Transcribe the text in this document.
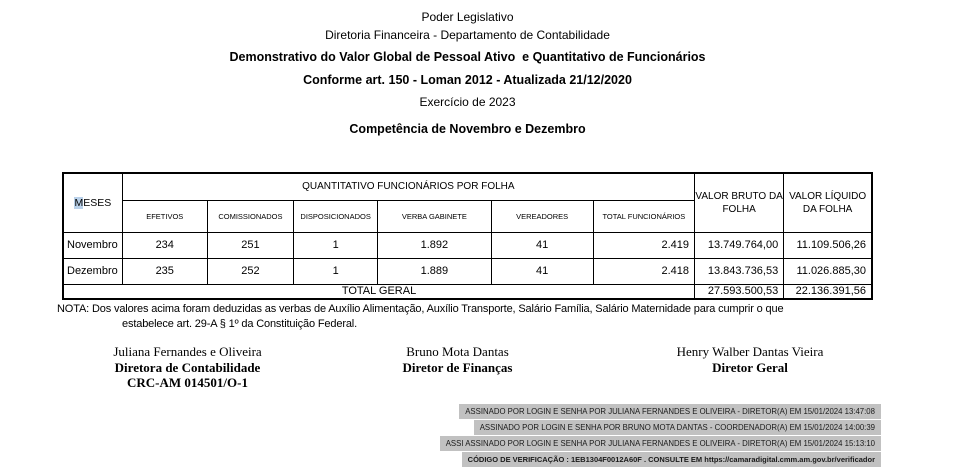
Poder Legislativo
Diretoria Financeira - Departamento de Contabilidade
Demonstrativo do Valor Global de Pessoal Ativo  e Quantitativo de Funcionários
Conforme art. 150 - Loman 2012 - Atualizada 21/12/2020
Exercício de 2023
Competência de Novembro e Dezembro
MESES	QUANTITATIVO FUNCIONÁRIOS POR FOLHA						VALOR BRUTO DA FOLHA	VALOR LÍQUIDO DA FOLHA
	EFETIVOS	COMISSIONADOS	DISPOSICIONADOS	VERBA GABINETE	VEREADORES	TOTAL FUNCIONÁRIOS		
Novembro	234	251	1	1.892	41	2.419	13.749.764,00	11.109.506,26
Dezembro	235	252	1	1.889	41	2.418	13.843.736,53	11.026.885,30
TOTAL GERAL							27.593.500,53	22.136.391,56
NOTA: Dos valores acima foram deduzidas as verbas de Auxílio Alimentação, Auxílio Transporte, Salário Família, Salário Maternidade para cumprir o que
estabelece art. 29-A § 1º da Constituição Federal.
Juliana Fernandes e Oliveira
Diretora de Contabilidade
CRC-AM 014501/O-1
Bruno Mota Dantas
Diretor de Finanças
Henry Walber Dantas Vieira
Diretor Geral
ASSINADO POR LOGIN E SENHA POR JULIANA FERNANDES E OLIVEIRA - DIRETOR(A) EM 15/01/2024 13:47:08
ASSINADO POR LOGIN E SENHA POR BRUNO MOTA DANTAS - COORDENADOR(A) EM 15/01/2024 14:00:39
ASSI ASSINADO POR LOGIN E SENHA POR JULIANA FERNANDES E OLIVEIRA - DIRETOR(A) EM 15/01/2024 15:13:10
CÓDIGO DE VERIFICAÇÃO : 1EB1304F0012A60F . CONSULTE EM https://camaradigital.cmm.am.gov.br/verificador
